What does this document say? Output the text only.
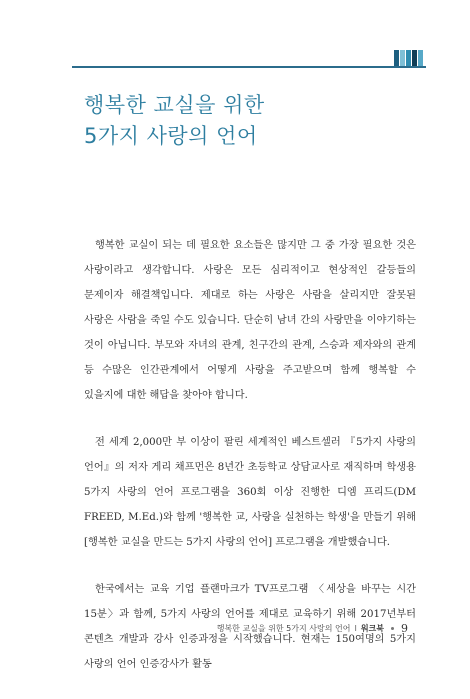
행복한 교실을 위한
5가지 사랑의 언어

행복한 교실이 되는 데 필요한 요소들은 많지만 그 중 가장 필요한 것은 사랑이라고 생각합니다. 사랑은 모든 심리적이고 현상적인 갈등들의 문제이자 해결책입니다. 제대로 하는 사랑은 사람을 살리지만 잘못된 사랑은 사람을 죽일 수도 있습니다. 단순히 남녀 간의 사랑만을 이야기하는 것이 아닙니다. 부모와 자녀의 관계, 친구간의 관계, 스승과 제자와의 관계 등 수많은 인간관계에서 어떻게 사랑을 주고받으며 함께 행복할 수 있을지에 대한 해답을 찾아야 합니다.

전 세계 2,000만 부 이상이 팔린 세계적인 베스트셀러 『5가지 사랑의 언어』의 저자 게리 채프먼은 8년간 초등학교 상담교사로 재직하며 학생용 5가지 사랑의 언어 프로그램을 360회 이상 진행한 디엠 프리드(DM FREED, M.Ed.)와 함께 '행복한 교, 사랑을 실천하는 학생'을 만들기 위해 [행복한 교실을 만드는 5가지 사랑의 언어] 프로그램을 개발했습니다.

한국에서는 교육 기업 플랜마크가 TV프로그램 〈세상을 바꾸는 시간 15분〉과 함께, 5가지 사랑의 언어를 제대로 교육하기 위해 2017년부터 콘텐츠 개발과 강사 인증과정을 시작했습니다. 현재는 150여명의 5가지 사랑의 언어 인증강사가 활동

행복한 교실을 위한 5가지 사랑의 언어 I 워크북 9
